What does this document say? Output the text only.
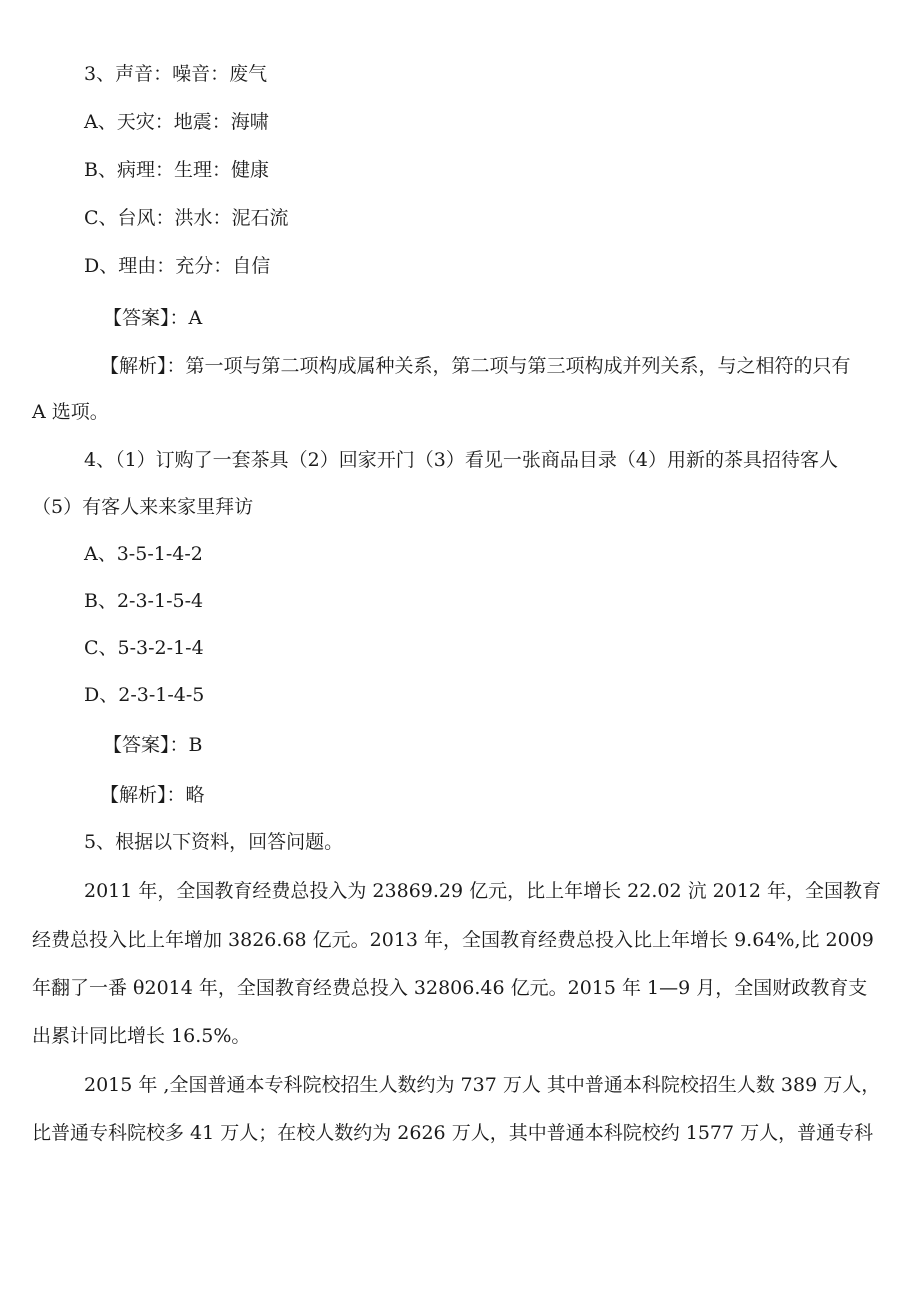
3、声音：噪音：废气
A、天灾：地震：海啸
B、病理：生理：健康
C、台风：洪水：泥石流
D、理由：充分：自信
【答案】：A
【解析】：第一项与第二项构成属种关系，第二项与第三项构成并列关系，与之相符的只有
A 选项。
4、（1）订购了一套茶具（2）回家开门（3）看见一张商品目录（4）用新的茶具招待客人
（5）有客人来来家里拜访
A、3-5-1-4-2
B、2-3-1-5-4
C、5-3-2-1-4
D、2-3-1-4-5
【答案】：B
【解析】：略
5、根据以下资料，回答问题。
2011 年，全国教育经费总投入为 23869.29 亿元，比上年增长 22.02 沆 2012 年，全国教育
经费总投入比上年增加 3826.68 亿元。2013 年，全国教育经费总投入比上年增长 9.64%,比 2009
年翻了一番 θ2014 年，全国教育经费总投入 32806.46 亿元。2015 年 1—9 月，全国财政教育支
出累计同比增长 16.5%。
2015 年 ,全国普通本专科院校招生人数约为 737 万人 其中普通本科院校招生人数 389 万人，
比普通专科院校多 41 万人；在校人数约为 2626 万人，其中普通本科院校约 1577 万人，普通专科
